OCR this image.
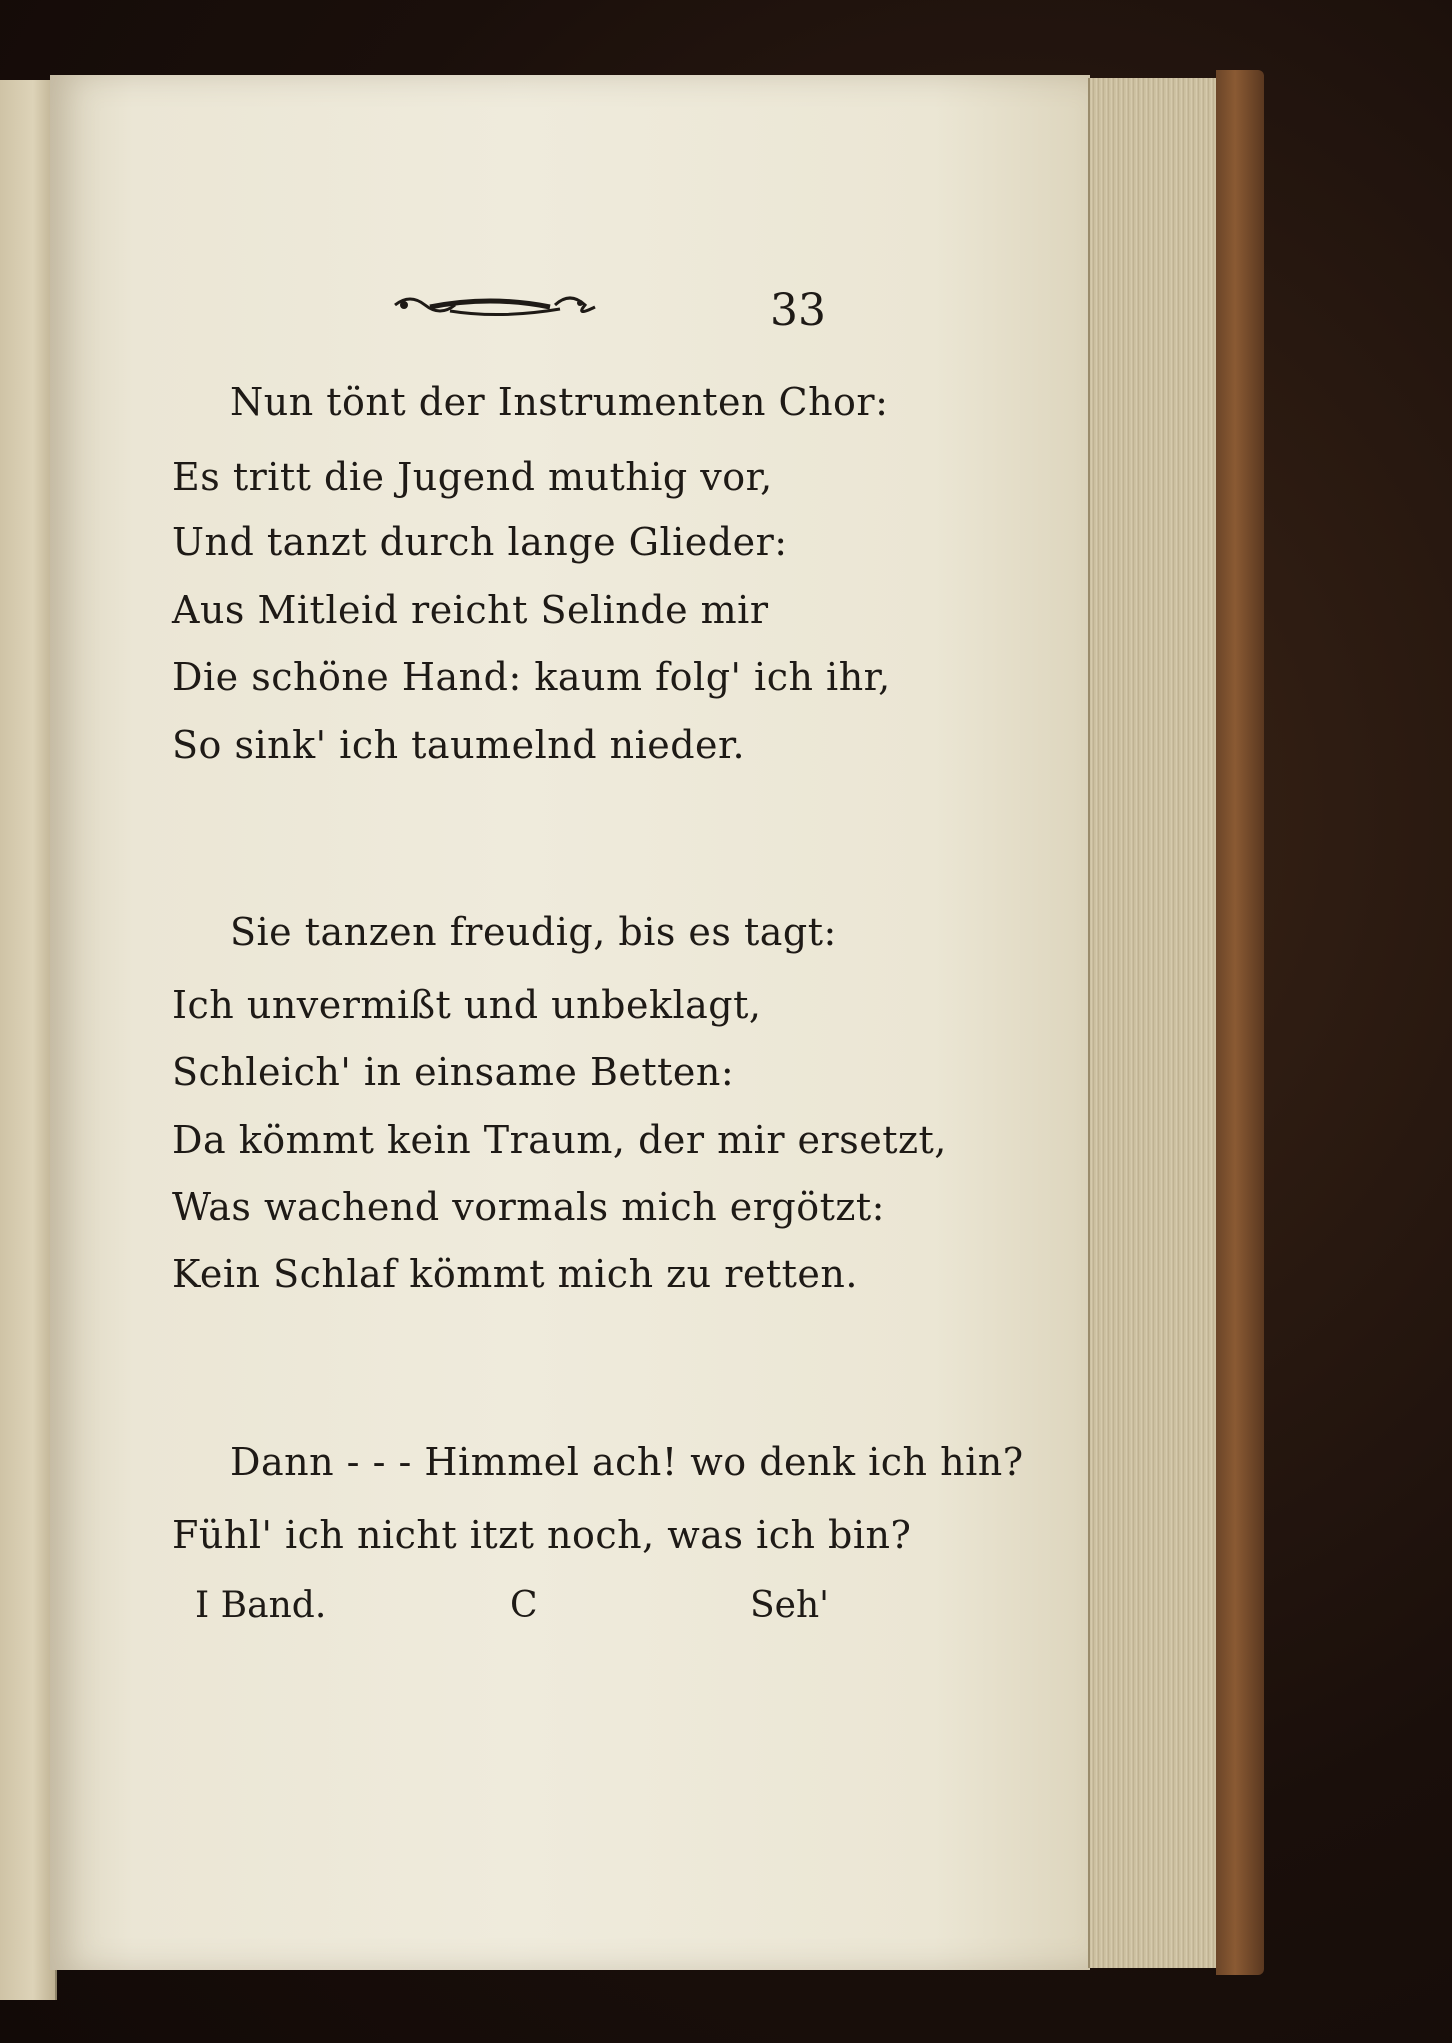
33
Nun tönt der Instrumenten Chor:
Es tritt die Jugend muthig vor,
Und tanzt durch lange Glieder:
Aus Mitleid reicht Selinde mir
Die schöne Hand: kaum folg' ich ihr,
So sink' ich taumelnd nieder.
Sie tanzen freudig, bis es tagt:
Ich unvermißt und unbeklagt,
Schleich' in einsame Betten:
Da kömmt kein Traum, der mir ersetzt,
Was wachend vormals mich ergötzt:
Kein Schlaf kömmt mich zu retten.
Dann - - - Himmel ach! wo denk ich hin?
Fühl' ich nicht itzt noch, was ich bin?
I Band.	C	Seh'
